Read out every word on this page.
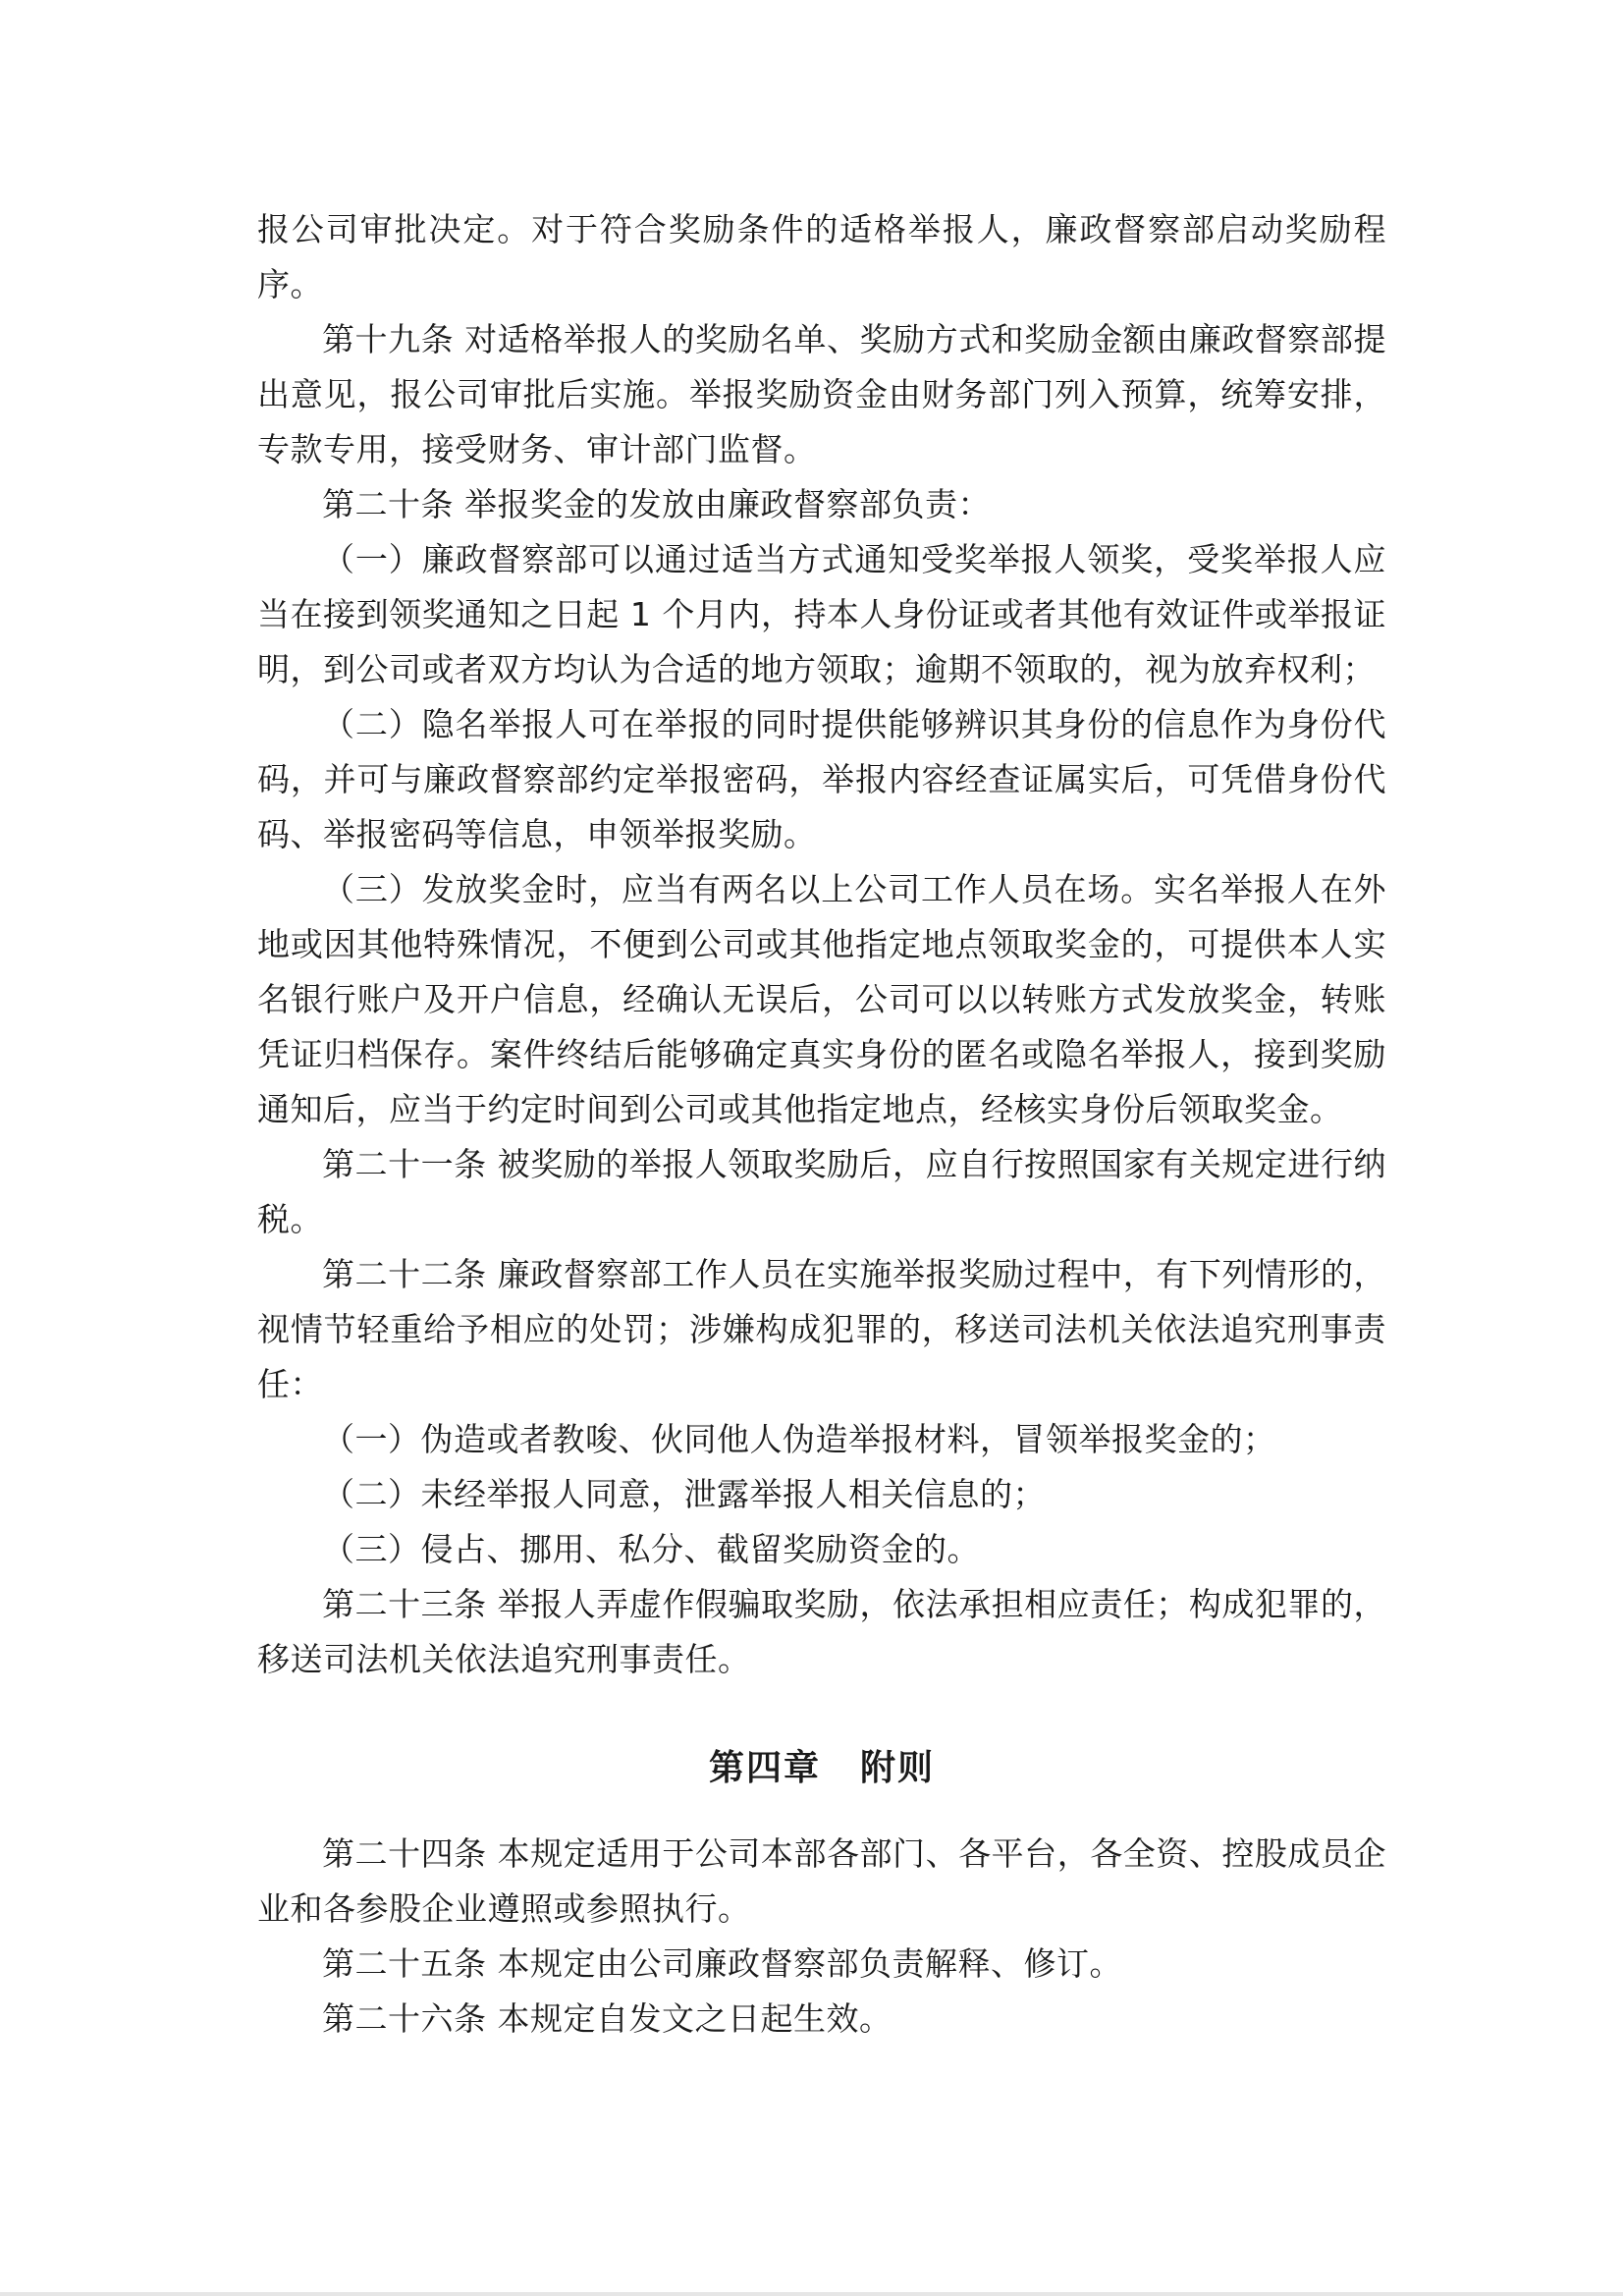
报公司审批决定。对于符合奖励条件的适格举报人，廉政督察部启动奖励程序。

第十九条 对适格举报人的奖励名单、奖励方式和奖励金额由廉政督察部提出意见，报公司审批后实施。举报奖励资金由财务部门列入预算，统筹安排，专款专用，接受财务、审计部门监督。

第二十条 举报奖金的发放由廉政督察部负责：

（一）廉政督察部可以通过适当方式通知受奖举报人领奖，受奖举报人应当在接到领奖通知之日起 1 个月内，持本人身份证或者其他有效证件或举报证明，到公司或者双方均认为合适的地方领取；逾期不领取的，视为放弃权利；

（二）隐名举报人可在举报的同时提供能够辨识其身份的信息作为身份代码，并可与廉政督察部约定举报密码，举报内容经查证属实后，可凭借身份代码、举报密码等信息，申领举报奖励。

（三）发放奖金时，应当有两名以上公司工作人员在场。实名举报人在外地或因其他特殊情况，不便到公司或其他指定地点领取奖金的，可提供本人实名银行账户及开户信息，经确认无误后，公司可以以转账方式发放奖金，转账凭证归档保存。案件终结后能够确定真实身份的匿名或隐名举报人，接到奖励通知后，应当于约定时间到公司或其他指定地点，经核实身份后领取奖金。

第二十一条 被奖励的举报人领取奖励后，应自行按照国家有关规定进行纳税。

第二十二条 廉政督察部工作人员在实施举报奖励过程中，有下列情形的，视情节轻重给予相应的处罚；涉嫌构成犯罪的，移送司法机关依法追究刑事责任：

（一）伪造或者教唆、伙同他人伪造举报材料，冒领举报奖金的；

（二）未经举报人同意，泄露举报人相关信息的；

（三）侵占、挪用、私分、截留奖励资金的。

第二十三条 举报人弄虚作假骗取奖励，依法承担相应责任；构成犯罪的，移送司法机关依法追究刑事责任。

第四章 附则

第二十四条 本规定适用于公司本部各部门、各平台，各全资、控股成员企业和各参股企业遵照或参照执行。

第二十五条 本规定由公司廉政督察部负责解释、修订。

第二十六条 本规定自发文之日起生效。
